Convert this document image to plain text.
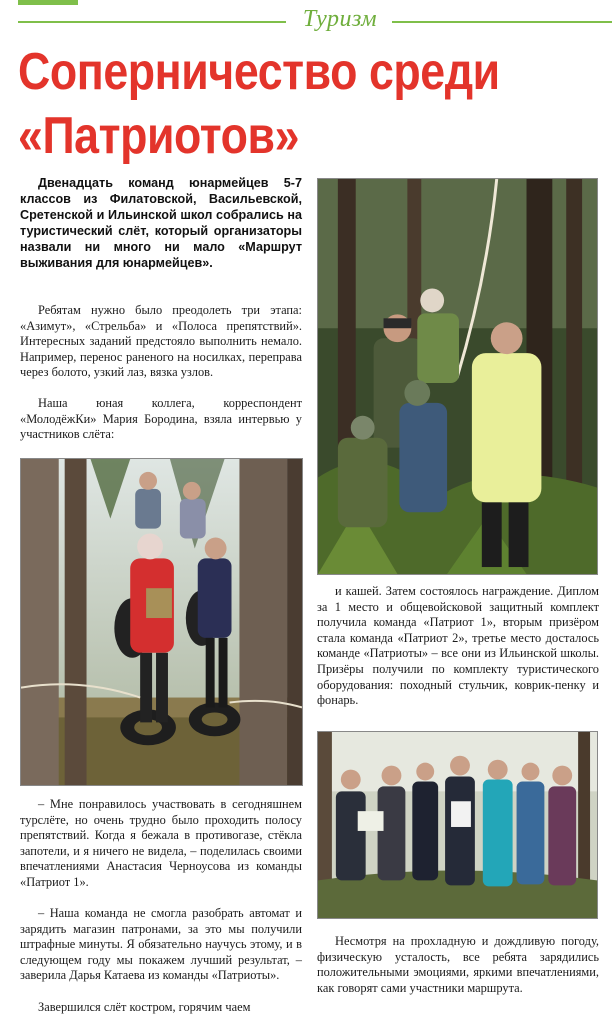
Туризм
Соперничество среди
«Патриотов»

Двенадцать команд юнармейцев 5-7 классов из Филатовской, Васильевской, Сретенской и Ильинской школ собрались на туристический слёт, который организаторы назвали ни много ни мало «Маршрут выживания для юнармейцев».

Ребятам нужно было преодолеть три этапа: «Азимут», «Стрельба» и «Полоса препятствий». Интересных заданий предстояло выполнить немало. Например, перенос раненого на носилках, переправа через болото, узкий лаз, вязка узлов.

Наша юная коллега, корреспондент «МолодёжКи» Мария Бородина, взяла интервью у участников слёта:

– Мне понравилось участвовать в сегодняшнем турслёте, но очень трудно было проходить полосу препятствий. Когда я бежала в противогазе, стёкла запотели, и я ничего не видела, – поделилась своими впечатлениями Анастасия Черноусова из команды «Патриот 1».

– Наша команда не смогла разобрать автомат и зарядить магазин патронами, за это мы получили штрафные минуты. Я обязательно научусь этому, и в следующем году мы покажем лучший результат, – заверила Дарья Катаева из команды «Патриоты».

Завершился слёт костром, горячим чаем

и кашей. Затем состоялось награждение. Диплом за 1 место и общевойсковой защитный комплект получила команда «Патриот 1», вторым призёром стала команда «Патриот 2», третье место досталось команде «Патриоты» – все они из Ильинской школы. Призёры получили по комплекту туристического оборудования: походный стульчик, коврик-пенку и фонарь.

Несмотря на прохладную и дождливую погоду, физическую усталость, все ребята зарядились положительными эмоциями, яркими впечатлениями, как говорят сами участники маршрута.
